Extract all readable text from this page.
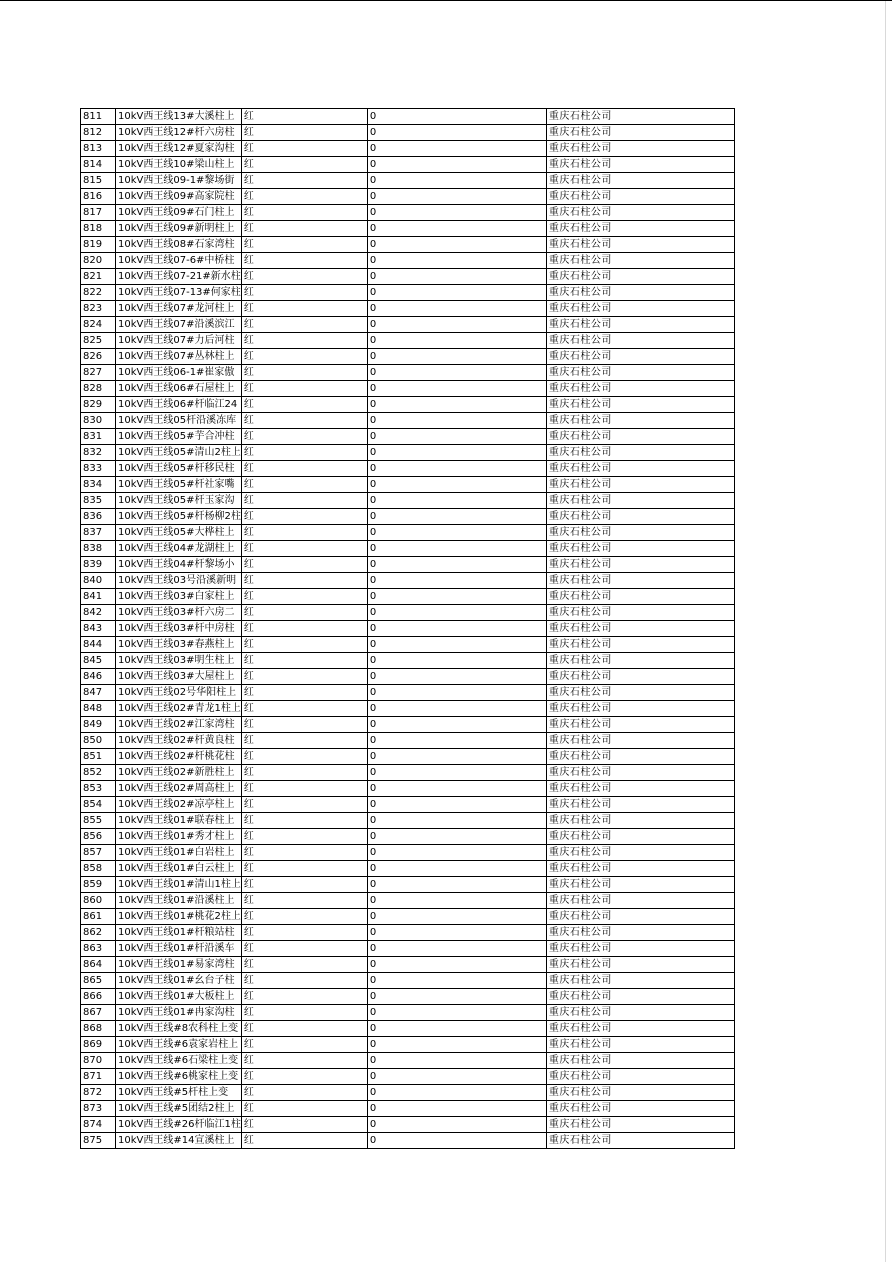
811	10kV西王线13#大溪柱上	红	0	重庆石柱公司
812	10kV西王线12#杆六房柱	红	0	重庆石柱公司
813	10kV西王线12#夏家沟柱	红	0	重庆石柱公司
814	10kV西王线10#梁山柱上	红	0	重庆石柱公司
815	10kV西王线09-1#黎场街	红	0	重庆石柱公司
816	10kV西王线09#高家院柱	红	0	重庆石柱公司
817	10kV西王线09#石门柱上	红	0	重庆石柱公司
818	10kV西王线09#新明柱上	红	0	重庆石柱公司
819	10kV西王线08#石家湾柱	红	0	重庆石柱公司
820	10kV西王线07-6#中桥柱	红	0	重庆石柱公司
821	10kV西王线07-21#新水柱	红	0	重庆石柱公司
822	10kV西王线07-13#何家柱	红	0	重庆石柱公司
823	10kV西王线07#龙河柱上	红	0	重庆石柱公司
824	10kV西王线07#沿溪滨江	红	0	重庆石柱公司
825	10kV西王线07#力后河柱	红	0	重庆石柱公司
826	10kV西王线07#丛林柱上	红	0	重庆石柱公司
827	10kV西王线06-1#崔家傲	红	0	重庆石柱公司
828	10kV西王线06#石屋柱上	红	0	重庆石柱公司
829	10kV西王线06#杆临江24	红	0	重庆石柱公司
830	10kV西王线05杆沿溪冻库	红	0	重庆石柱公司
831	10kV西王线05#芋合冲柱	红	0	重庆石柱公司
832	10kV西王线05#清山2柱上	红	0	重庆石柱公司
833	10kV西王线05#杆移民柱	红	0	重庆石柱公司
834	10kV西王线05#杆社家嘴	红	0	重庆石柱公司
835	10kV西王线05#杆玉家沟	红	0	重庆石柱公司
836	10kV西王线05#杆杨柳2柱	红	0	重庆石柱公司
837	10kV西王线05#大桦柱上	红	0	重庆石柱公司
838	10kV西王线04#龙湖柱上	红	0	重庆石柱公司
839	10kV西王线04#杆黎场小	红	0	重庆石柱公司
840	10kV西王线03号沿溪新明	红	0	重庆石柱公司
841	10kV西王线03#白家柱上	红	0	重庆石柱公司
842	10kV西王线03#杆六房二	红	0	重庆石柱公司
843	10kV西王线03#杆中房柱	红	0	重庆石柱公司
844	10kV西王线03#春燕柱上	红	0	重庆石柱公司
845	10kV西王线03#明生柱上	红	0	重庆石柱公司
846	10kV西王线03#大屋柱上	红	0	重庆石柱公司
847	10kV西王线02号华阳柱上	红	0	重庆石柱公司
848	10kV西王线02#青龙1柱上	红	0	重庆石柱公司
849	10kV西王线02#江家湾柱	红	0	重庆石柱公司
850	10kV西王线02#杆黄良柱	红	0	重庆石柱公司
851	10kV西王线02#杆桃花柱	红	0	重庆石柱公司
852	10kV西王线02#新胜柱上	红	0	重庆石柱公司
853	10kV西王线02#周高柱上	红	0	重庆石柱公司
854	10kV西王线02#凉亭柱上	红	0	重庆石柱公司
855	10kV西王线01#联春柱上	红	0	重庆石柱公司
856	10kV西王线01#秀才柱上	红	0	重庆石柱公司
857	10kV西王线01#白岩柱上	红	0	重庆石柱公司
858	10kV西王线01#白云柱上	红	0	重庆石柱公司
859	10kV西王线01#清山1柱上	红	0	重庆石柱公司
860	10kV西王线01#沿溪柱上	红	0	重庆石柱公司
861	10kV西王线01#桃花2柱上	红	0	重庆石柱公司
862	10kV西王线01#杆粮站柱	红	0	重庆石柱公司
863	10kV西王线01#杆沿溪车	红	0	重庆石柱公司
864	10kV西王线01#易家湾柱	红	0	重庆石柱公司
865	10kV西王线01#幺台子柱	红	0	重庆石柱公司
866	10kV西王线01#大板柱上	红	0	重庆石柱公司
867	10kV西王线01#冉家沟柱	红	0	重庆石柱公司
868	10kV西王线#8农科柱上变	红	0	重庆石柱公司
869	10kV西王线#6袁家岩柱上	红	0	重庆石柱公司
870	10kV西王线#6石梁柱上变	红	0	重庆石柱公司
871	10kV西王线#6桃家柱上变	红	0	重庆石柱公司
872	10kV西王线#5杆柱上变	红	0	重庆石柱公司
873	10kV西王线#5团结2柱上	红	0	重庆石柱公司
874	10kV西王线#26杆临江1柱	红	0	重庆石柱公司
875	10kV西王线#14宣溪柱上	红	0	重庆石柱公司
